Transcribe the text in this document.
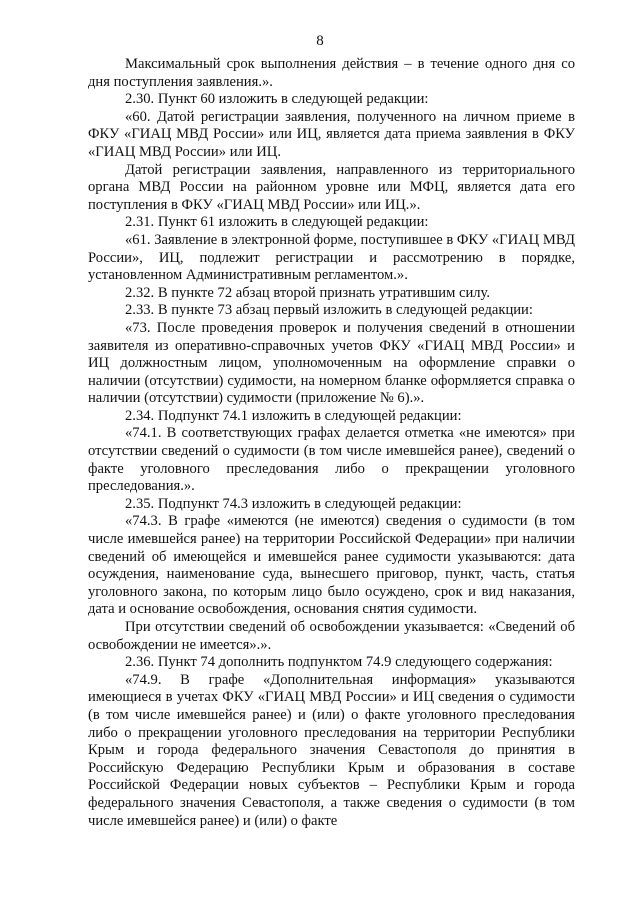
8

Максимальный срок выполнения действия – в течение одного дня со дня поступления заявления.».

2.30. Пункт 60 изложить в следующей редакции:

«60. Датой регистрации заявления, полученного на личном приеме в ФКУ «ГИАЦ МВД России» или ИЦ, является дата приема заявления в ФКУ «ГИАЦ МВД России» или ИЦ.

Датой регистрации заявления, направленного из территориального органа МВД России на районном уровне или МФЦ, является дата его поступления в ФКУ «ГИАЦ МВД России» или ИЦ.».

2.31. Пункт 61 изложить в следующей редакции:

«61. Заявление в электронной форме, поступившее в ФКУ «ГИАЦ МВД России», ИЦ, подлежит регистрации и рассмотрению в порядке, установленном Административным регламентом.».

2.32. В пункте 72 абзац второй признать утратившим силу.

2.33. В пункте 73 абзац первый изложить в следующей редакции:

«73. После проведения проверок и получения сведений в отношении заявителя из оперативно-справочных учетов ФКУ «ГИАЦ МВД России» и ИЦ должностным лицом, уполномоченным на оформление справки о наличии (отсутствии) судимости, на номерном бланке оформляется справка о наличии (отсутствии) судимости (приложение № 6).».

2.34. Подпункт 74.1 изложить в следующей редакции:

«74.1. В соответствующих графах делается отметка «не имеются» при отсутствии сведений о судимости (в том числе имевшейся ранее), сведений о факте уголовного преследования либо о прекращении уголовного преследования.».

2.35. Подпункт 74.3 изложить в следующей редакции:

«74.3. В графе «имеются (не имеются) сведения о судимости (в том числе имевшейся ранее) на территории Российской Федерации» при наличии сведений об имеющейся и имевшейся ранее судимости указываются: дата осуждения, наименование суда, вынесшего приговор, пункт, часть, статья уголовного закона, по которым лицо было осуждено, срок и вид наказания, дата и основание освобождения, основания снятия судимости.

При отсутствии сведений об освобождении указывается: «Сведений об освобождении не имеется».».

2.36. Пункт 74 дополнить подпунктом 74.9 следующего содержания:

«74.9. В графе «Дополнительная информация» указываются имеющиеся в учетах ФКУ «ГИАЦ МВД России» и ИЦ сведения о судимости (в том числе имевшейся ранее) и (или) о факте уголовного преследования либо о прекращении уголовного преследования на территории Республики Крым и города федерального значения Севастополя до принятия в Российскую Федерацию Республики Крым и образования в составе Российской Федерации новых субъектов – Республики Крым и города федерального значения Севастополя, а также сведения о судимости (в том числе имевшейся ранее) и (или) о факте
